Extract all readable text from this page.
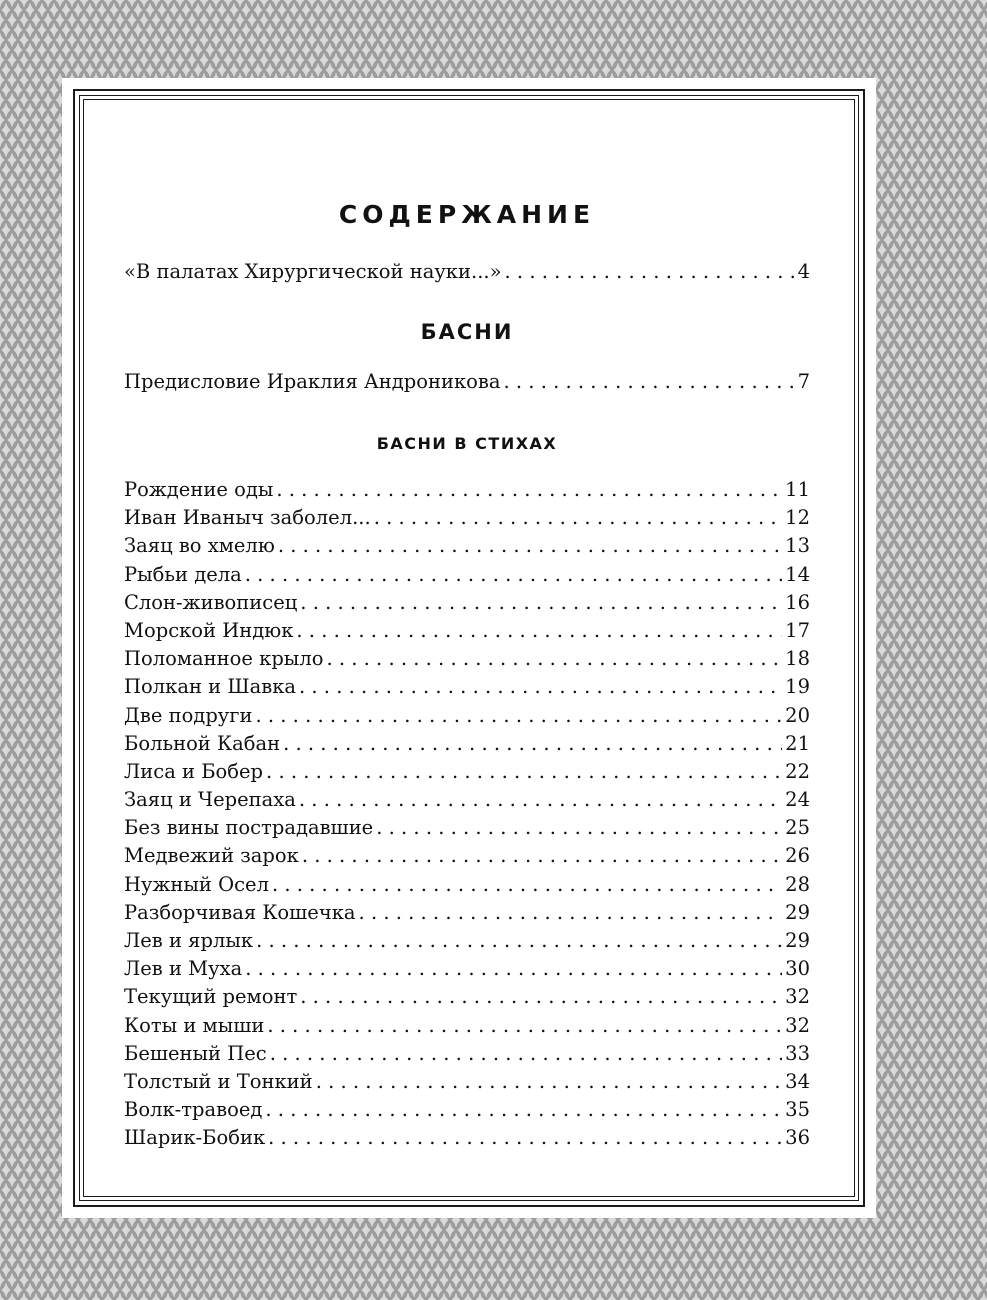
СОДЕРЖАНИЕ
«В палатах Хирургической науки...» . . .	4
БАСНИ
Предисловие Ираклия Андроникова . . .	7
БАСНИ В СТИХАХ
Рождение оды . . .	11
Иван Иваныч заболел... . . .	12
Заяц во хмелю . . .	13
Рыбьи дела . . .	14
Слон-живописец . . .	16
Морской Индюк . . .	17
Поломанное крыло . . .	18
Полкан и Шавка . . .	19
Две подруги . . .	20
Больной Кабан . . .	21
Лиса и Бобер . . .	22
Заяц и Черепаха . . .	24
Без вины пострадавшие . . .	25
Медвежий зарок . . .	26
Нужный Осел . . .	28
Разборчивая Кошечка . . .	29
Лев и ярлык . . .	29
Лев и Муха . . .	30
Текущий ремонт . . .	32
Коты и мыши . . .	32
Бешеный Пес . . .	33
Толстый и Тонкий . . .	34
Волк-травоед . . .	35
Шарик-Бобик . . .	36
